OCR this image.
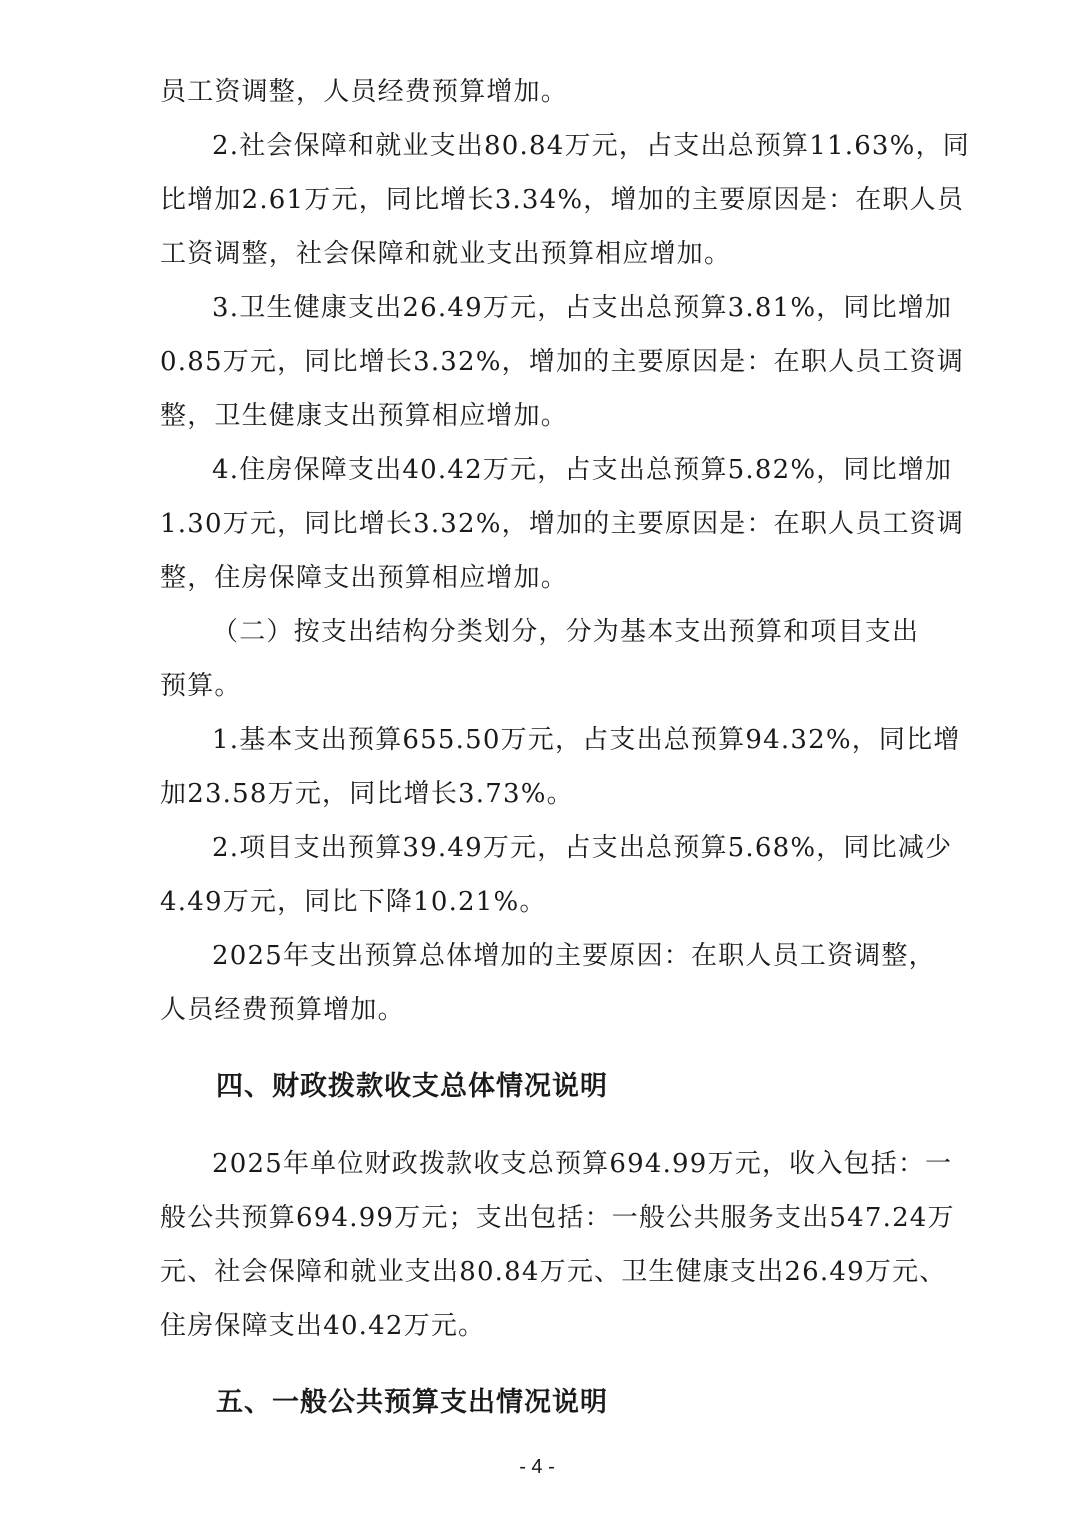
员工资调整，人员经费预算增加。
2.社会保障和就业支出80.84万元，占支出总预算11.63%，同
比增加2.61万元，同比增长3.34%，增加的主要原因是：在职人员
工资调整，社会保障和就业支出预算相应增加。
3.卫生健康支出26.49万元，占支出总预算3.81%，同比增加
0.85万元，同比增长3.32%，增加的主要原因是：在职人员工资调
整，卫生健康支出预算相应增加。
4.住房保障支出40.42万元，占支出总预算5.82%，同比增加
1.30万元，同比增长3.32%，增加的主要原因是：在职人员工资调
整，住房保障支出预算相应增加。
（二）按支出结构分类划分，分为基本支出预算和项目支出
预算。
1.基本支出预算655.50万元，占支出总预算94.32%，同比增
加23.58万元，同比增长3.73%。
2.项目支出预算39.49万元，占支出总预算5.68%，同比减少
4.49万元，同比下降10.21%。
2025年支出预算总体增加的主要原因：在职人员工资调整，
人员经费预算增加。
四、财政拨款收支总体情况说明
2025年单位财政拨款收支总预算694.99万元，收入包括：一
般公共预算694.99万元；支出包括：一般公共服务支出547.24万
元、社会保障和就业支出80.84万元、卫生健康支出26.49万元、
住房保障支出40.42万元。
五、一般公共预算支出情况说明
- 4 -
